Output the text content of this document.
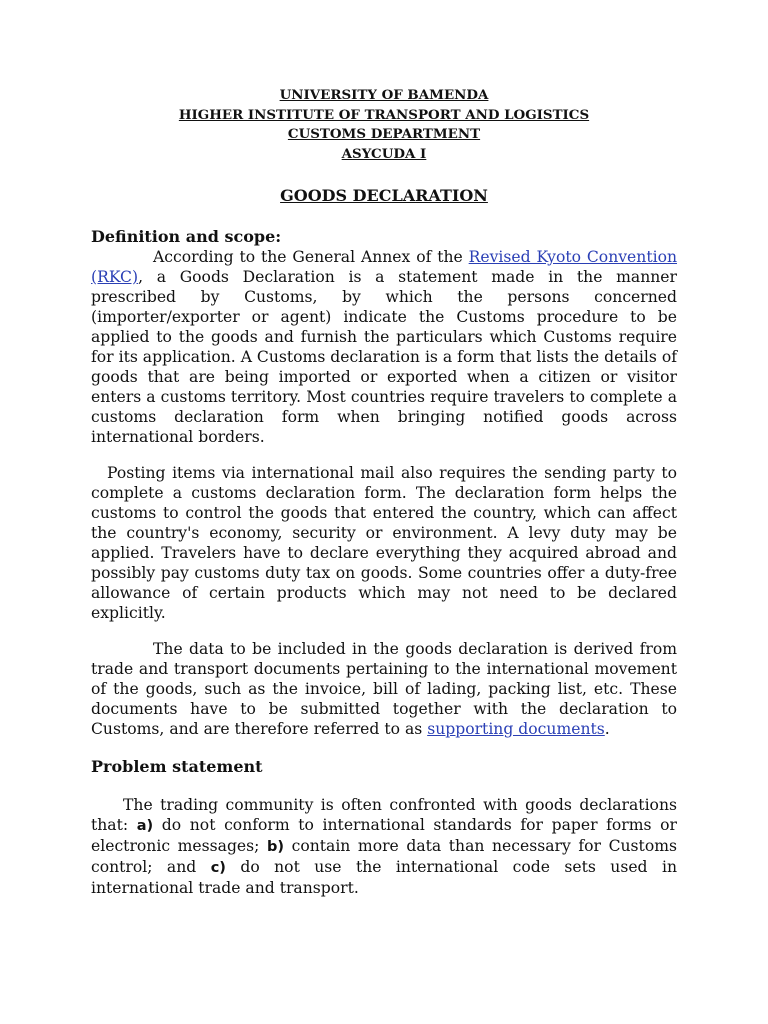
UNIVERSITY OF BAMENDA
HIGHER INSTITUTE OF TRANSPORT AND LOGISTICS
CUSTOMS DEPARTMENT
ASYCUDA I
GOODS DECLARATION
Definition and scope:

According to the General Annex of the Revised Kyoto Convention (RKC), a Goods Declaration is a statement made in the manner prescribed by Customs, by which the persons concerned (importer/exporter or agent) indicate the Customs procedure to be applied to the goods and furnish the particulars which Customs require for its application. A Customs declaration is a form that lists the details of goods that are being imported or exported when a citizen or visitor enters a customs territory. Most countries require travelers to complete a customs declaration form when bringing notified goods across international borders.

Posting items via international mail also requires the sending party to complete a customs declaration form. The declaration form helps the customs to control the goods that entered the country, which can affect the country's economy, security or environment. A levy duty may be applied. Travelers have to declare everything they acquired abroad and possibly pay customs duty tax on goods. Some countries offer a duty-free allowance of certain products which may not need to be declared explicitly.

The data to be included in the goods declaration is derived from trade and transport documents pertaining to the international movement of the goods, such as the invoice, bill of lading, packing list, etc. These documents have to be submitted together with the declaration to Customs, and are therefore referred to as supporting documents.

Problem statement

The trading community is often confronted with goods declarations that: a) do not conform to international standards for paper forms or electronic messages; b) contain more data than necessary for Customs control; and c) do not use the international code sets used in international trade and transport.
